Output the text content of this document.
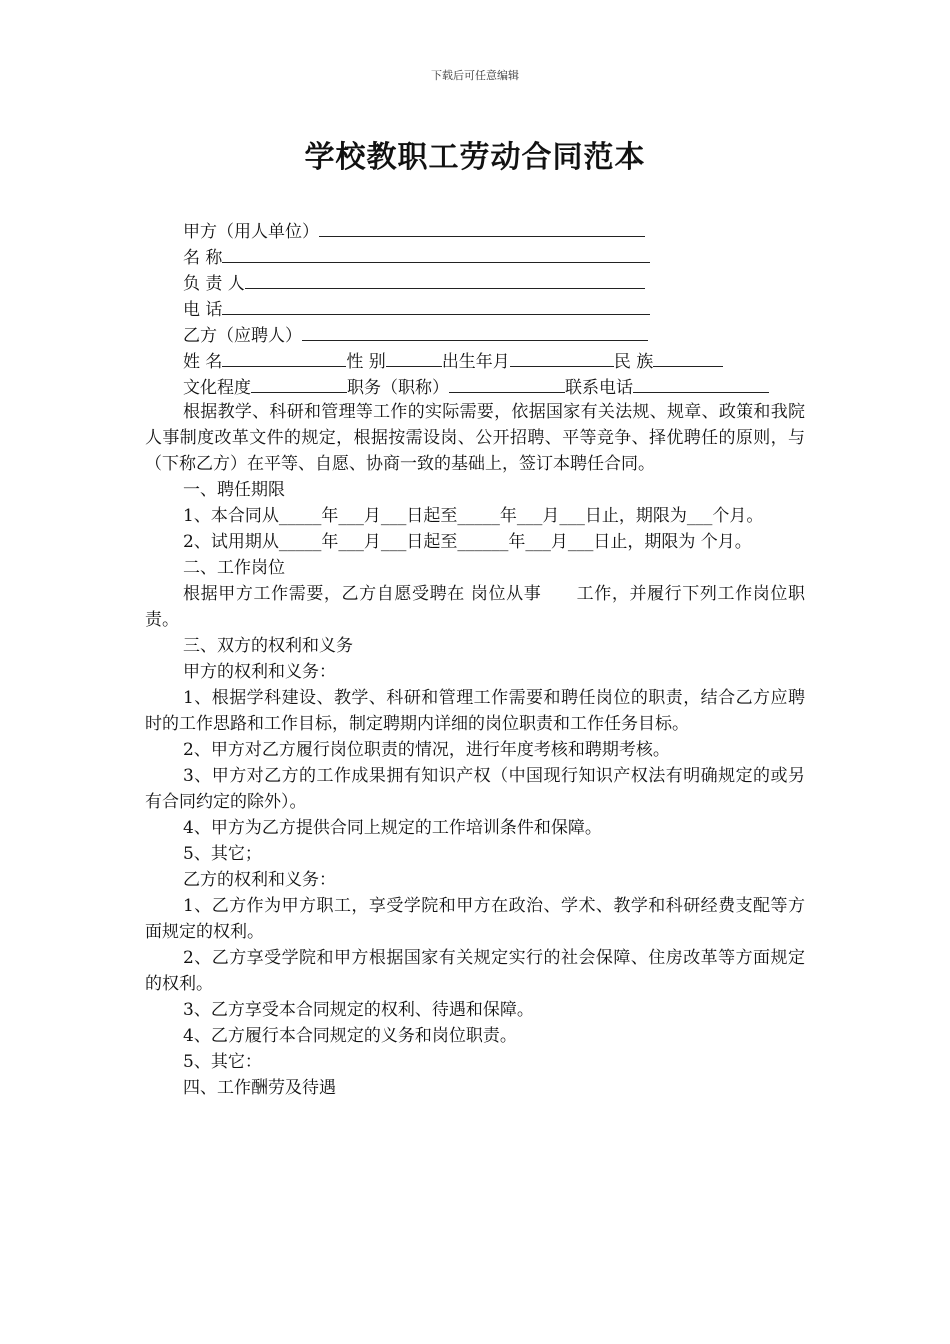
下载后可任意编辑
学校教职工劳动合同范本
甲方（用人单位）
名 称
负 责 人
电 话
乙方（应聘人）
姓 名	性 别	出生年月	民 族
文化程度	职务（职称）	联系电话
根据教学、科研和管理等工作的实际需要，依据国家有关法规、规章、政策和我院人事制度改革文件的规定，根据按需设岗、公开招聘、平等竞争、择优聘任的原则，与（下称乙方）在平等、自愿、协商一致的基础上，签订本聘任合同。
一、聘任期限
1、本合同从_____年___月___日起至_____年___月___日止，期限为___个月。
2、试用期从_____年___月___日起至______年___月___日止，期限为 个月。
二、工作岗位
根据甲方工作需要，乙方自愿受聘在 岗位从事　　工作，并履行下列工作岗位职责。
三、双方的权利和义务
甲方的权利和义务：
1、根据学科建设、教学、科研和管理工作需要和聘任岗位的职责，结合乙方应聘时的工作思路和工作目标，制定聘期内详细的岗位职责和工作任务目标。
2、甲方对乙方履行岗位职责的情况，进行年度考核和聘期考核。
3、甲方对乙方的工作成果拥有知识产权（中国现行知识产权法有明确规定的或另有合同约定的除外）。
4、甲方为乙方提供合同上规定的工作培训条件和保障。
5、其它；
乙方的权利和义务：
1、乙方作为甲方职工，享受学院和甲方在政治、学术、教学和科研经费支配等方面规定的权利。
2、乙方享受学院和甲方根据国家有关规定实行的社会保障、住房改革等方面规定的权利。
3、乙方享受本合同规定的权利、待遇和保障。
4、乙方履行本合同规定的义务和岗位职责。
5、其它：
四、工作酬劳及待遇
